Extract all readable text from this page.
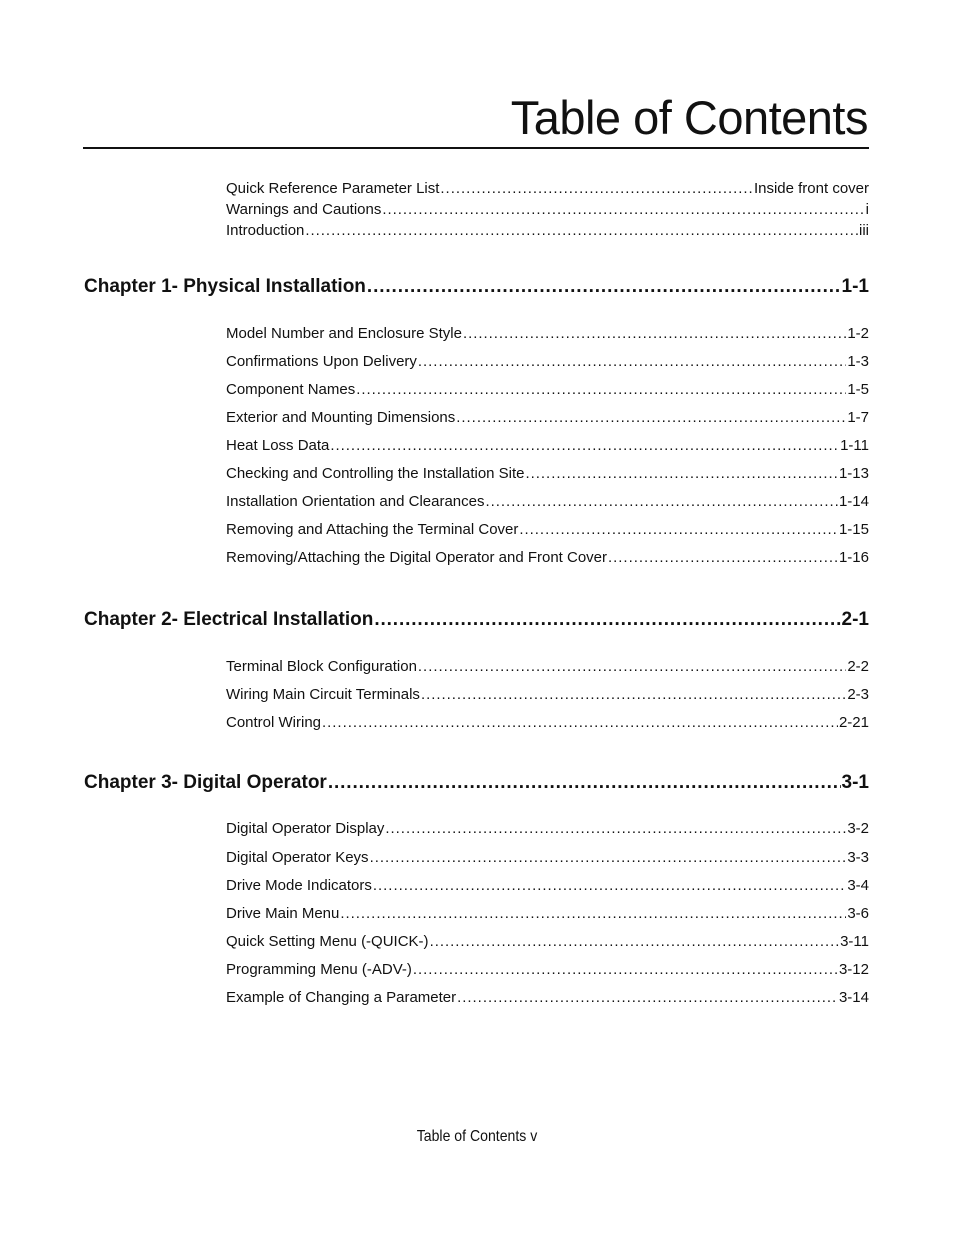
Table of Contents
Quick Reference Parameter List . . .	Inside front cover
Warnings and Cautions . . .	i
Introduction . . .	iii
Chapter 1- Physical Installation . . .	1-1
Model Number and Enclosure Style . . .	1-2
Confirmations Upon Delivery . . .	1-3
Component Names . . .	1-5
Exterior and Mounting Dimensions . . .	1-7
Heat Loss Data . . .	1-11
Checking and Controlling the Installation Site . . .	1-13
Installation Orientation and Clearances . . .	1-14
Removing and Attaching the Terminal Cover . . .	1-15
Removing/Attaching the Digital Operator and Front Cover . . .	1-16
Chapter 2- Electrical Installation . . .	2-1
Terminal Block Configuration . . .	2-2
Wiring Main Circuit Terminals . . .	2-3
Control Wiring . . .	2-21
Chapter 3- Digital Operator . . .	3-1
Digital Operator Display . . .	3-2
Digital Operator Keys . . .	3-3
Drive Mode Indicators . . .	3-4
Drive Main Menu . . .	3-6
Quick Setting Menu (-QUICK-) . . .	3-11
Programming Menu (-ADV-) . . .	3-12
Example of Changing a Parameter . . .	3-14
Table of Contents v
